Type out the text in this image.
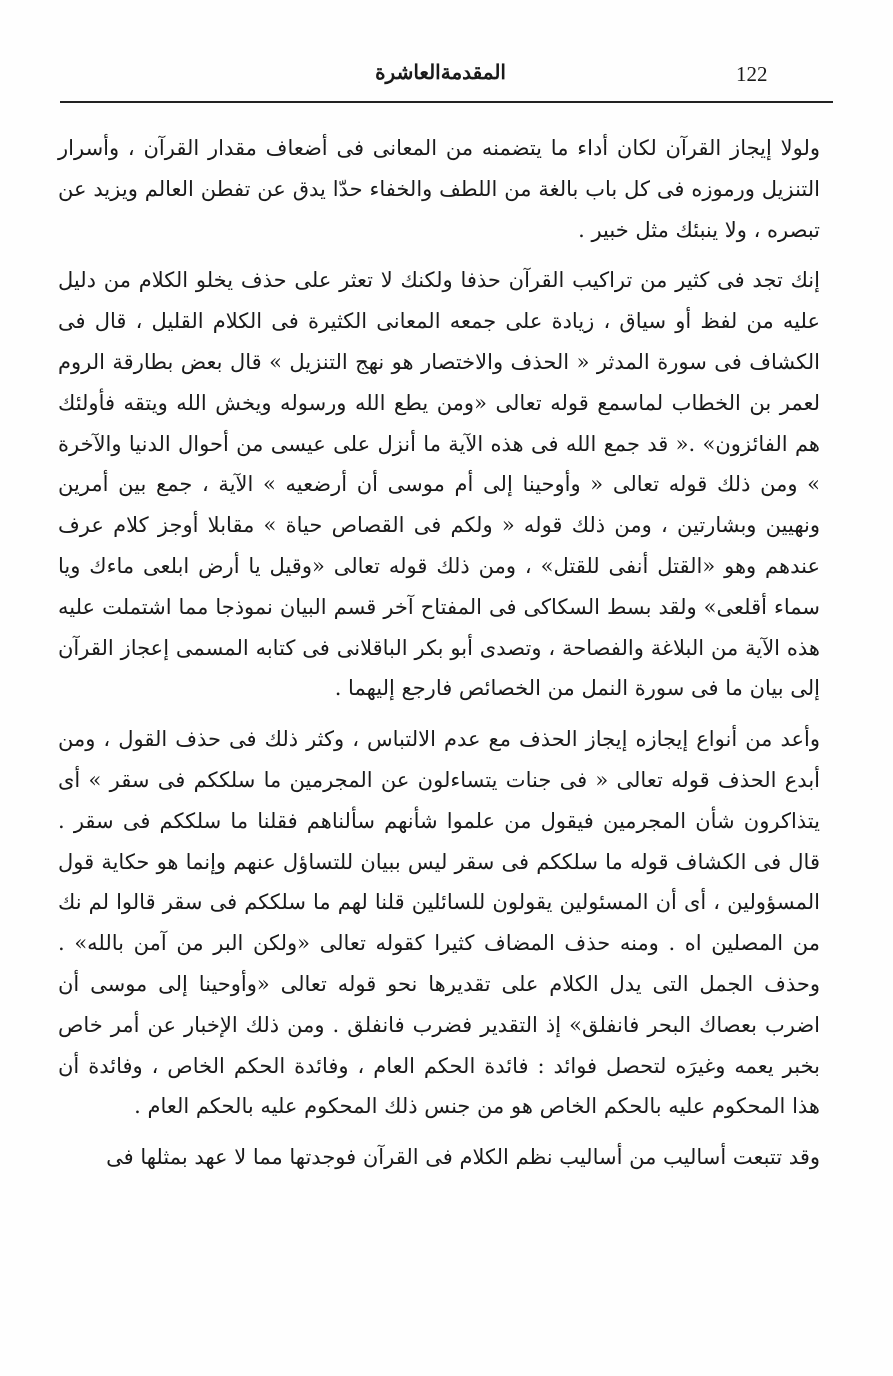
المقدمةالعاشرة	122

ولولا إيجاز القرآن لكان أداء ما يتضمنه من المعانى فى أضعاف مقدار القرآن ، وأسرار التنزيل ورموزه فى كل باب بالغة من اللطف والخفاء حدّا يدق عن تفطن العالم ويزيد عن تبصره ، ولا ينبئك مثل خبير .

إنك تجد فى كثير من تراكيب القرآن حذفا ولكنك لا تعثر على حذف يخلو الكلام من دليل عليه من لفظ أو سياق ، زيادة على جمعه المعانى الكثيرة فى الكلام القليل ، قال فى الكشاف فى سورة المدثر « الحذف والاختصار هو نهج التنزيل » قال بعض بطارقة الروم لعمر بن الخطاب لماسمع قوله تعالى «ومن يطع الله ورسوله ويخش الله ويتقه فأولئك هم الفائزون» .« قد جمع الله فى هذه الآية ما أنزل على عيسى من أحوال الدنيا والآخرة » ومن ذلك قوله تعالى « وأوحينا إلى أم موسى أن أرضعيه » الآية ، جمع بين أمرين ونهيين وبشارتين ، ومن ذلك قوله « ولكم فى القصاص حياة » مقابلا أوجز كلام عرف عندهم وهو «القتل أنفى للقتل» ، ومن ذلك قوله تعالى «وقيل يا أرض ابلعى ماءك ويا سماء أقلعى» ولقد بسط السكاكى فى المفتاح آخر قسم البيان نموذجا مما اشتملت عليه هذه الآية من البلاغة والفصاحة ، وتصدى أبو بكر الباقلانى فى كتابه المسمى إعجاز القرآن إلى بيان ما فى سورة النمل من الخصائص فارجع إليهما .

وأعد من أنواع إيجازه إيجاز الحذف مع عدم الالتباس ، وكثر ذلك فى حذف القول ، ومن أبدع الحذف قوله تعالى « فى جنات يتساءلون عن المجرمين ما سلككم فى سقر » أى يتذاكرون شأن المجرمين فيقول من علموا شأنهم سألناهم فقلنا ما سلككم فى سقر . قال فى الكشاف قوله ما سلككم فى سقر ليس ببيان للتساؤل عنهم وإنما هو حكاية قول المسؤولين ، أى أن المسئولين يقولون للسائلين قلنا لهم ما سلككم فى سقر قالوا لم نك من المصلين اه . ومنه حذف المضاف كثيرا كقوله تعالى «ولكن البر من آمن بالله» . وحذف الجمل التى يدل الكلام على تقديرها نحو قوله تعالى «وأوحينا إلى موسى أن اضرب بعصاك البحر فانفلق» إذ التقدير فضرب فانفلق . ومن ذلك الإخبار عن أمر خاص بخبر يعمه وغيرَه لتحصل فوائد : فائدة الحكم العام ، وفائدة الحكم الخاص ، وفائدة أن هذا المحكوم عليه بالحكم الخاص هو من جنس ذلك المحكوم عليه بالحكم العام .

وقد تتبعت أساليب من أساليب نظم الكلام فى القرآن فوجدتها مما لا عهد بمثلها فى
